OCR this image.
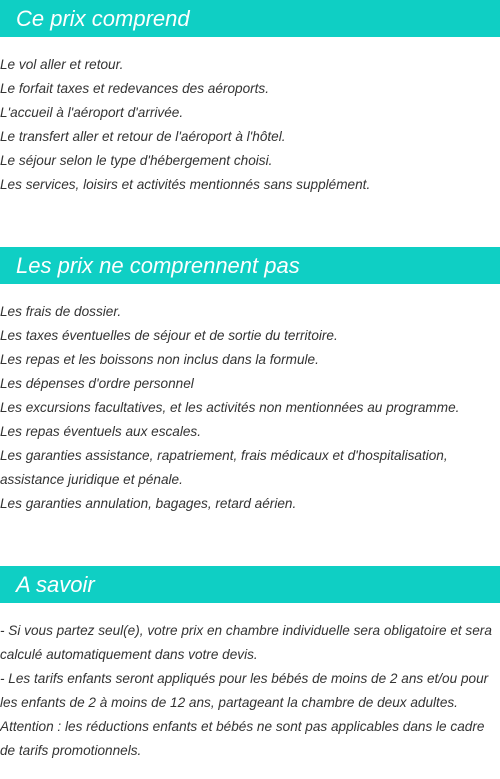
Ce prix comprend
Le vol aller et retour.
Le forfait taxes et redevances des aéroports.
L'accueil à l'aéroport d'arrivée.
Le transfert aller et retour de l'aéroport à l'hôtel.
Le séjour selon le type d'hébergement choisi.
Les services, loisirs et activités mentionnés sans supplément.
Les prix ne comprennent pas
Les frais de dossier.
Les taxes éventuelles de séjour et de sortie du territoire.
Les repas et les boissons non inclus dans la formule.
Les dépenses d'ordre personnel
Les excursions facultatives, et les activités non mentionnées au programme.
Les repas éventuels aux escales.
Les garanties assistance, rapatriement, frais médicaux et d'hospitalisation, assistance juridique et pénale.
Les garanties annulation, bagages, retard aérien.
A savoir
- Si vous partez seul(e), votre prix en chambre individuelle sera obligatoire et sera calculé automatiquement dans votre devis.
- Les tarifs enfants seront appliqués pour les bébés de moins de 2 ans et/ou pour les enfants de 2 à moins de 12 ans, partageant la chambre de deux adultes.
Attention : les réductions enfants et bébés ne sont pas applicables dans le cadre de tarifs promotionnels.
